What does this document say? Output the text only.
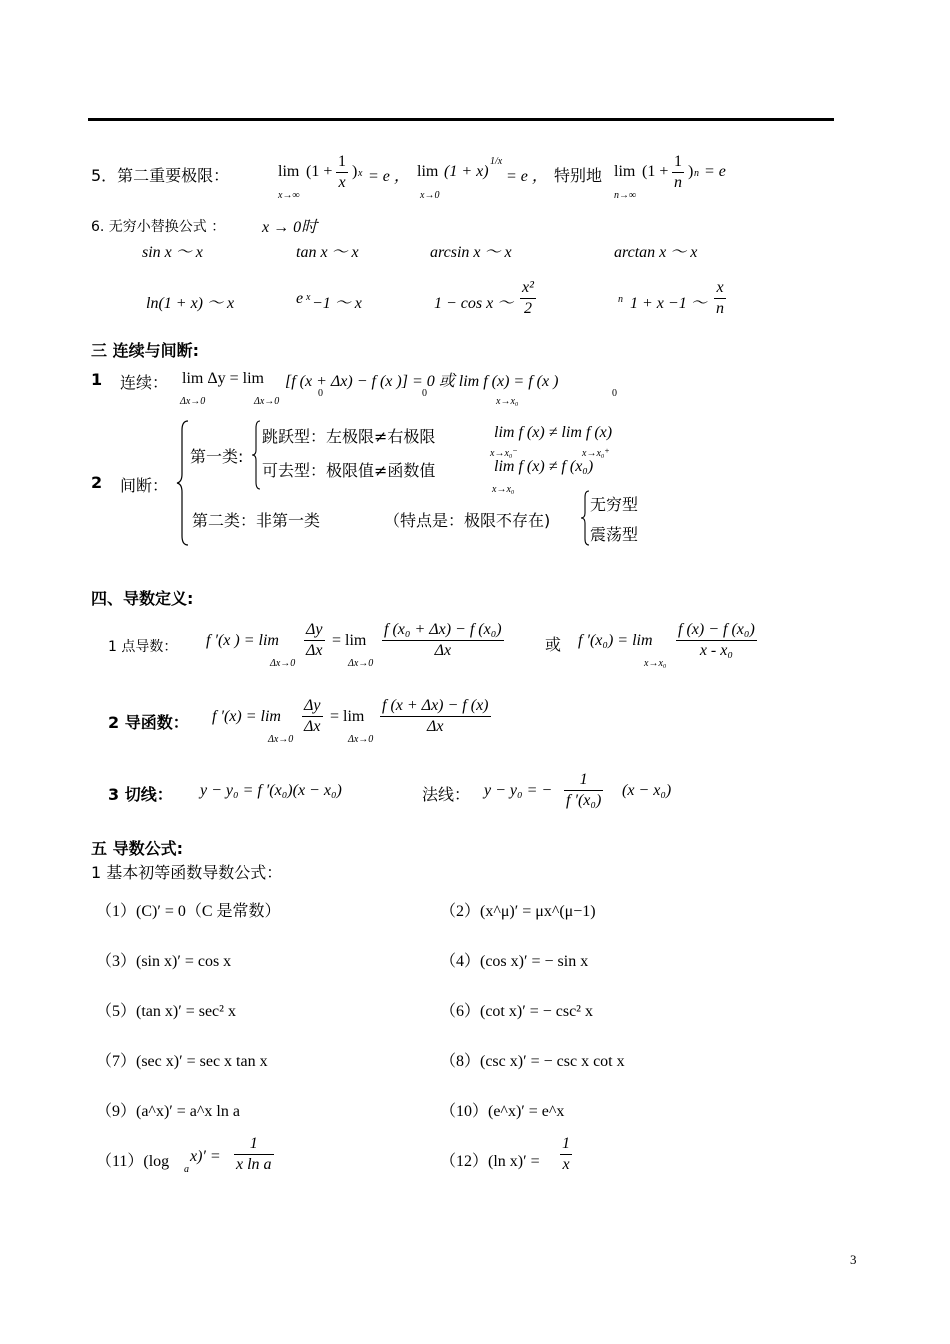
5．第二重要极限：	lim
x→∞
($1 + \frac{1}{x}$ ) x = e ， lim
x→0
(1 + x)
1/x
= e ， 特别地 lim
n→∞
($1 + \frac{1}{n}$ ) n = e
6. 无穷小替换公式 ： x → 0时
sin x ～ x	tan x ～ x	arcsin x ～ x	arctan x ～ x
ln(1 + x) ～ x	e x −1 ～ x	1 − cos x ～ $\frac{\text{x²}}{2}$	n 1 + x −1 ～ $\frac{x}{n}$
三 连续与间断:
1 连续： lim Δy = lim
Δx→0	Δx→0
[f (x + Δx) − f (x )] = 0 或 lim f (x) = f (x )
0	0
x→x₀
0
2 间断：
第一类:
跳跃型：左极限≠右极限	lim f (x) ≠ lim f (x)
x→x₀⁻	x→x₀⁺
可去型：极限值≠函数值	lim f (x) ≠ f (x₀)
x→x₀
第二类：非第一类	（特点是：极限不存在)
无穷型
震荡型
四、导数定义:
1 点导数： f ′(x ) = lim
Δx→0
$\frac{\Delta y}{\Delta x} = \lim$
Δx→0
$\frac{\text{f (x₀ + Δx) − f (x₀)}}{\Delta x}$	或 f ′(x₀) = lim
x→x₀
$\frac{\text{f (x) − f (x₀)}}{\text{x - x₀}}$
2 导函数： f ′(x) = lim
Δx→0
$\frac{\Delta y}{\Delta x} = \lim$
Δx→0
$\frac{f (x + \Delta x) - f (x)}{\Delta x}$
3 切线： y − y₀ = f ′(x₀)(x − x₀)	法线： y − y₀ = − $\frac{1}{\text{f ′(x₀)}} (x - x_0)$
五 导数公式:
1 基本初等函数导数公式：
（1）(C)′ = 0（C 是常数）	（2）(x^μ)′ = μx^(μ−1)
（3）(sin x)′ = cos x	（4）(cos x)′ = − sin x
（5）(tan x)′ = sec² x	（6）(cot x)′ = − csc² x
（7）(sec x)′ = sec x tan x	（8）(csc x)′ = − csc x cot x
（9）(a^x)′ = a^x ln a	（10）(e^x)′ = e^x
（11）(log a
$x)' = \frac{1}{\text{x ln a}}$	（12）(ln $x)' = \frac{1}{x}$
3
